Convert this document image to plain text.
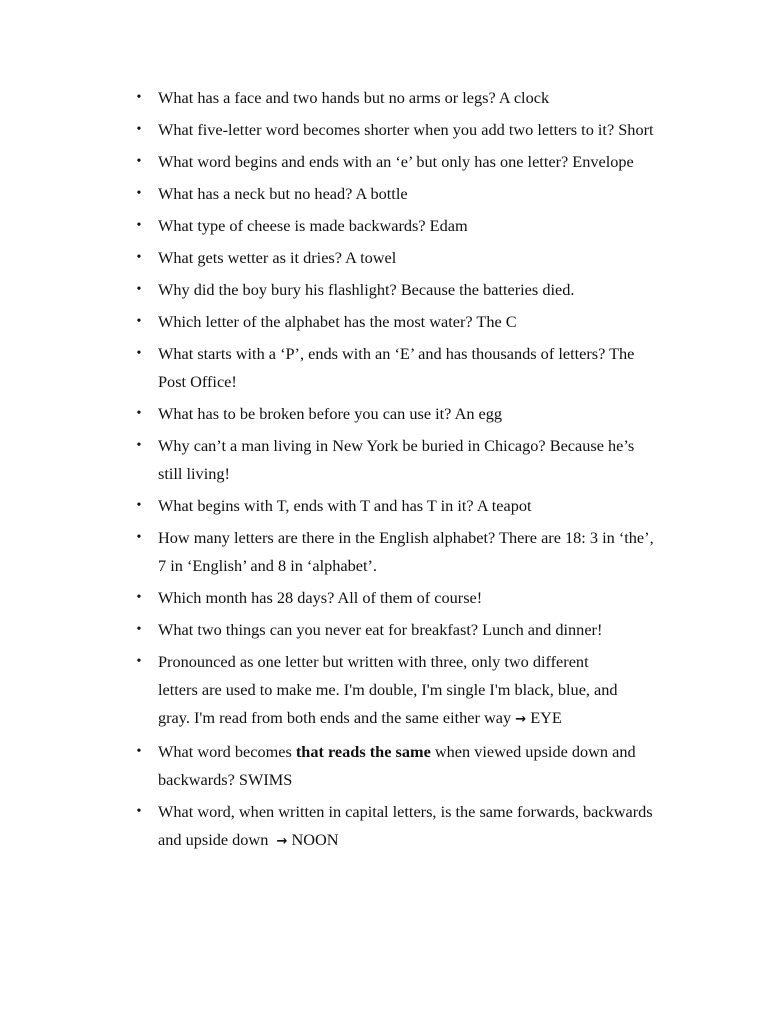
• What has a face and two hands but no arms or legs? A clock
• What five-letter word becomes shorter when you add two letters to it? Short
• What word begins and ends with an ‘e’ but only has one letter? Envelope
• What has a neck but no head? A bottle
• What type of cheese is made backwards? Edam
• What gets wetter as it dries? A towel
• Why did the boy bury his flashlight? Because the batteries died.
• Which letter of the alphabet has the most water? The C
• What starts with a ‘P’, ends with an ‘E’ and has thousands of letters? The Post Office!
• What has to be broken before you can use it? An egg
• Why can’t a man living in New York be buried in Chicago? Because he’s still living!
• What begins with T, ends with T and has T in it? A teapot
• How many letters are there in the English alphabet? There are 18: 3 in ‘the’, 7 in ‘English’ and 8 in ‘alphabet’.
• Which month has 28 days? All of them of course!
• What two things can you never eat for breakfast? Lunch and dinner!
• Pronounced as one letter but written with three, only two different
letters are used to make me. I'm double, I'm single I'm black, blue, and
gray. I'm read from both ends and the same either way → EYE
• What word becomes that reads the same when viewed upside down and backwards? SWIMS
• What word, when written in capital letters, is the same forwards, backwards and upside down → NOON
